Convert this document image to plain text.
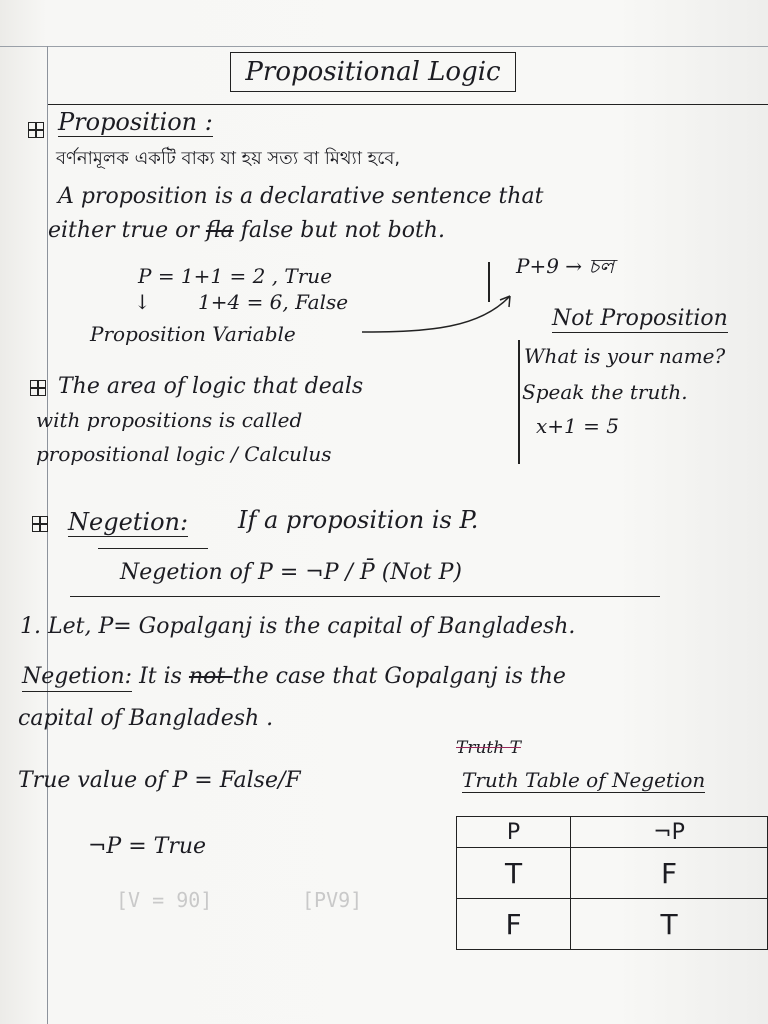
Propositional Logic
Proposition :
বর্ণনামূলক একটি বাক্য যা হয় সত্য বা মিথ্যা হবে,
A proposition is a declarative sentence that
either true or fla false but not both.
P = 1+1 = 2 , True
1+4 = 6, False
↓
Proposition Variable
P+9 → চল
Not Proposition
What is your name?
Speak the truth.
x+1 = 5
The area of logic that deals
with propositions is called
propositional logic / Calculus
Negetion: If a proposition is P.
Negetion of P = ¬P / P̄ (Not P)
1. Let, P= Gopalganj is the capital of Bangladesh.
Negetion: It is not-the case that Gopalganj is the
capital of Bangladesh .
True value of P = False/F
¬P = True
Truth T
Truth Table of Negetion
P	¬P
T	F
F	T
[V = 90]	[PV9]
